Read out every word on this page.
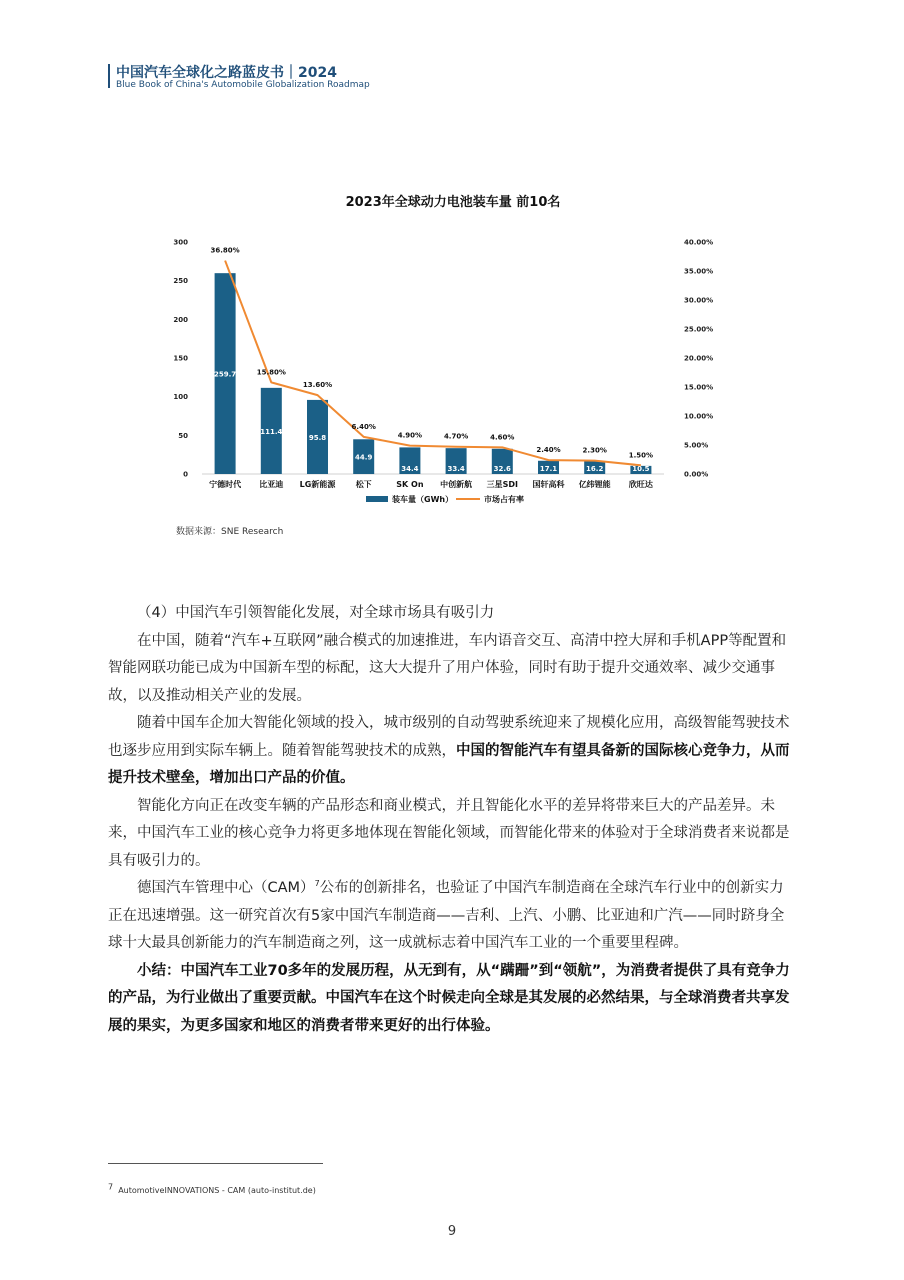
中国汽车全球化之路蓝皮书｜2024
Blue Book of China's Automobile Globalization Roadmap
2023年全球动力电池装车量 前10名
0
50
100
150
200
250
300
0.00%
5.00%
10.00%
15.00%
20.00%
25.00%
30.00%
35.00%
40.00%
259.7
宁德时代
111.4
比亚迪
95.8
LG新能源
44.9
松下
34.4
SK On
33.4
中创新航
32.6
三星SDI
17.1
国轩高科
16.2
亿纬锂能
10.5
欣旺达
36.80%
15.80%
13.60%
6.40%
4.90%	4.70%	4.60%
2.40%	2.30%
1.50%
装车量（GWh）	市场占有率
数据来源：SNE Research

（4）中国汽车引领智能化发展，对全球市场具有吸引力

在中国，随着“汽车+互联网”融合模式的加速推进，车内语音交互、高清中控大屏和手机APP等配置和智能网联功能已成为中国新车型的标配，这大大提升了用户体验，同时有助于提升交通效率、减少交通事故，以及推动相关产业的发展。

随着中国车企加大智能化领域的投入，城市级别的自动驾驶系统迎来了规模化应用，高级智能驾驶技术也逐步应用到实际车辆上。随着智能驾驶技术的成熟，中国的智能汽车有望具备新的国际核心竞争力，从而提升技术壁垒，增加出口产品的价值。

智能化方向正在改变车辆的产品形态和商业模式，并且智能化水平的差异将带来巨大的产品差异。未来，中国汽车工业的核心竞争力将更多地体现在智能化领域，而智能化带来的体验对于全球消费者来说都是具有吸引力的。

德国汽车管理中心（CAM）$^7$公布的创新排名，也验证了中国汽车制造商在全球汽车行业中的创新实力正在迅速增强。这一研究首次有5家中国汽车制造商——吉利、上汽、小鹏、比亚迪和广汽——同时跻身全球十大最具创新能力的汽车制造商之列，这一成就标志着中国汽车工业的一个重要里程碑。

小结：中国汽车工业70多年的发展历程，从无到有，从“蹒跚”到“领航”，为消费者提供了具有竞争力的产品，为行业做出了重要贡献。中国汽车在这个时候走向全球是其发展的必然结果，与全球消费者共享发展的果实，为更多国家和地区的消费者带来更好的出行体验。

$^7$ AutomotiveINNOVATIONS - CAM (auto-institut.de)
9
